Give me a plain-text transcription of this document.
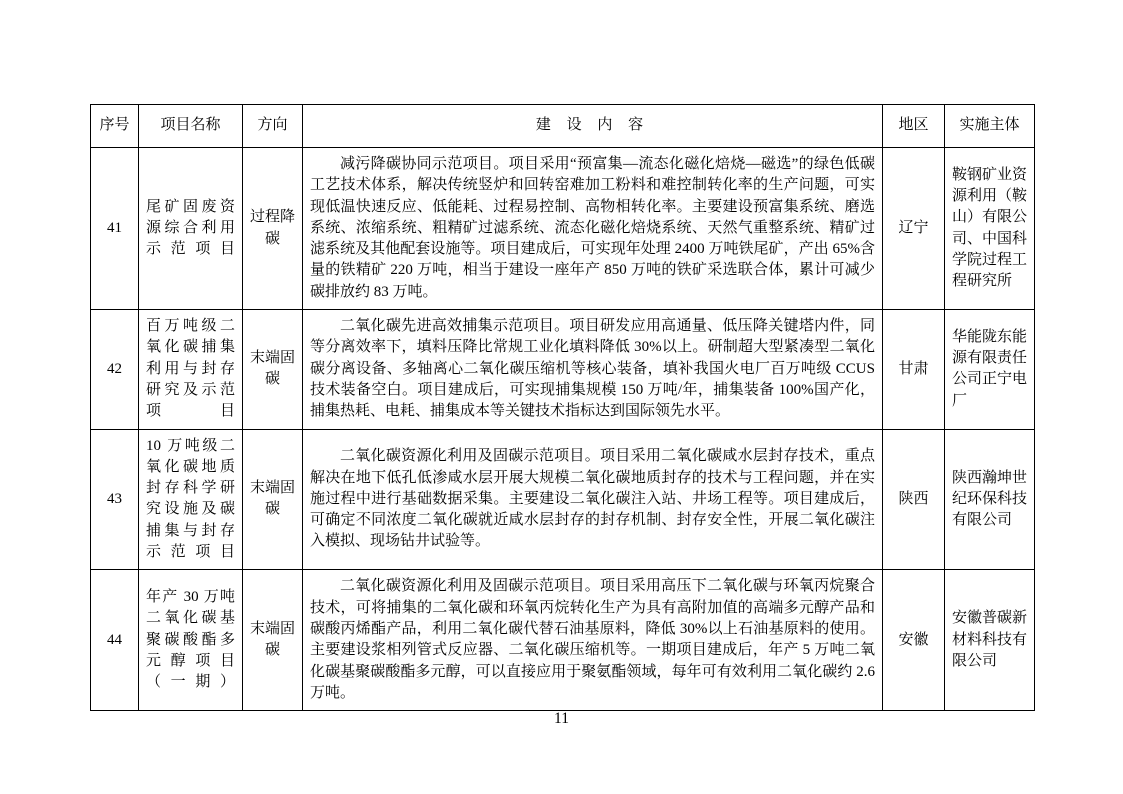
序号	项目名称	方向	建 设 内 容	地区	实施主体
41	尾矿固废资源综合利用示范项目	过程降碳	减污降碳协同示范项目。项目采用“预富集—流态化磁化焙烧—磁选”的绿色低碳工艺技术体系，解决传统竖炉和回转窑难加工粉料和难控制转化率的生产问题，可实现低温快速反应、低能耗、过程易控制、高物相转化率。主要建设预富集系统、磨选系统、浓缩系统、粗精矿过滤系统、流态化磁化焙烧系统、天然气重整系统、精矿过滤系统及其他配套设施等。项目建成后，可实现年处理 2400 万吨铁尾矿，产出 65%含量的铁精矿 220 万吨，相当于建设一座年产 850 万吨的铁矿采选联合体，累计可减少碳排放约 83 万吨。	辽宁	鞍钢矿业资源利用（鞍山）有限公司、中国科学院过程工程研究所
42	百万吨级二氧化碳捕集利用与封存研究及示范项目	末端固碳	二氧化碳先进高效捕集示范项目。项目研发应用高通量、低压降关键塔内件，同等分离效率下，填料压降比常规工业化填料降低 30%以上。研制超大型紧凑型二氧化碳分离设备、多轴离心二氧化碳压缩机等核心装备，填补我国火电厂百万吨级 CCUS 技术装备空白。项目建成后，可实现捕集规模 150 万吨/年，捕集装备 100%国产化，捕集热耗、电耗、捕集成本等关键技术指标达到国际领先水平。	甘肃	华能陇东能源有限责任公司正宁电厂
43	10 万吨级二氧化碳地质封存科学研究设施及碳捕集与封存示范项目	末端固碳	二氧化碳资源化利用及固碳示范项目。项目采用二氧化碳咸水层封存技术，重点解决在地下低孔低渗咸水层开展大规模二氧化碳地质封存的技术与工程问题，并在实施过程中进行基础数据采集。主要建设二氧化碳注入站、井场工程等。项目建成后，可确定不同浓度二氧化碳就近咸水层封存的封存机制、封存安全性，开展二氧化碳注入模拟、现场钻井试验等。	陕西	陕西瀚坤世纪环保科技有限公司
44	年产 30 万吨二氧化碳基聚碳酸酯多元醇项目（一期）	末端固碳	二氧化碳资源化利用及固碳示范项目。项目采用高压下二氧化碳与环氧丙烷聚合技术，可将捕集的二氧化碳和环氧丙烷转化生产为具有高附加值的高端多元醇产品和碳酸丙烯酯产品，利用二氧化碳代替石油基原料，降低 30%以上石油基原料的使用。主要建设浆相列管式反应器、二氧化碳压缩机等。一期项目建成后，年产 5 万吨二氧化碳基聚碳酸酯多元醇，可以直接应用于聚氨酯领域，每年可有效利用二氧化碳约 2.6 万吨。	安徽	安徽普碳新材料科技有限公司
11
